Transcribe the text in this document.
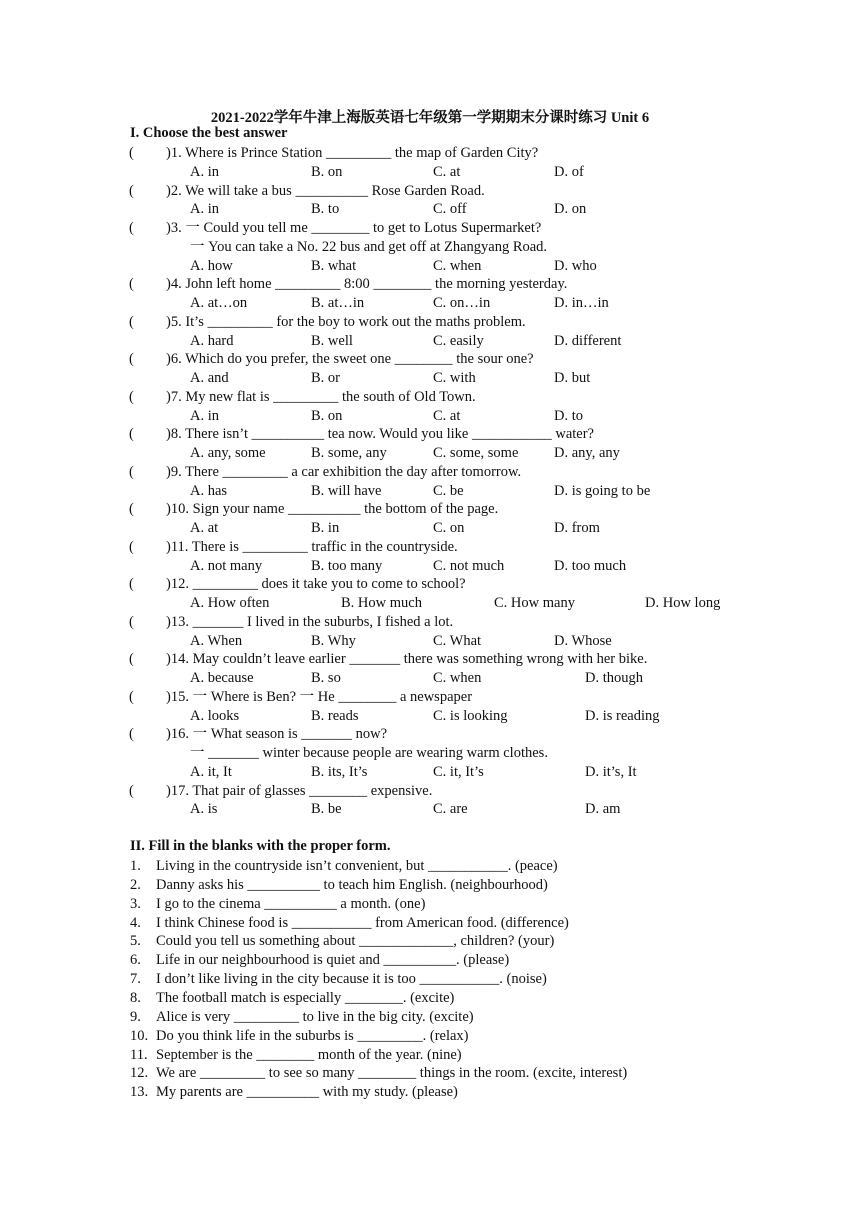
2021-2022学年牛津上海版英语七年级第一学期期末分课时练习 Unit 6
I. Choose the best answer
( )1. Where is Prince Station _________ the map of Garden City?
A. in	B. on	C. at	D. of
( )2. We will take a bus __________ Rose Garden Road.
A. in	B. to	C. off	D. on
( )3. 一 Could you tell me ________ to get to Lotus Supermarket?
一 You can take a No. 22 bus and get off at Zhangyang Road.
A. how	B. what	C. when	D. who
( )4. John left home _________ 8:00 ________ the morning yesterday.
A. at…on	B. at…in	C. on…in	D. in…in
( )5. It’s _________ for the boy to work out the maths problem.
A. hard	B. well	C. easily	D. different
( )6. Which do you prefer, the sweet one ________ the sour one?
A. and	B. or	C. with	D. but
( )7. My new flat is _________ the south of Old Town.
A. in	B. on	C. at	D. to
( )8. There isn’t __________ tea now. Would you like ___________ water?
A. any, some	B. some, any	C. some, some D. any, any
( )9. There _________ a car exhibition the day after tomorrow.
A. has	B. will have	C. be	D. is going to be
( )10. Sign your name __________ the bottom of the page.
A. at	B. in	C. on	D. from
( )11. There is _________ traffic in the countryside.
A. not many	B. too many	C. not much	D. too much
( )12. _________ does it take you to come to school?
A. How often	B. How much	C. How many	D. How long
( )13. _______ I lived in the suburbs, I fished a lot.
A. When	B. Why	C. What	D. Whose
( )14. May couldn’t leave earlier _______ there was something wrong with her bike.
A. because	B. so	C. when	D. though
( )15. 一 Where is Ben? 一 He ________ a newspaper
A. looks	B. reads	C. is looking	D. is reading
( )16. 一 What season is _______ now?
一 _______ winter because people are wearing warm clothes.
A. it, It	B. its, It’s	C. it, It’s	D. it’s, It
( )17. That pair of glasses ________ expensive.
A. is	B. be	C. are	D. am
II. Fill in the blanks with the proper form.
1. Living in the countryside isn’t convenient, but ___________. (peace)
2. Danny asks his __________ to teach him English. (neighbourhood)
3. I go to the cinema __________ a month. (one)
4. I think Chinese food is ___________ from American food. (difference)
5. Could you tell us something about _____________, children? (your)
6. Life in our neighbourhood is quiet and __________. (please)
7. I don’t like living in the city because it is too ___________. (noise)
8. The football match is especially ________. (excite)
9. Alice is very _________ to live in the big city. (excite)
10. Do you think life in the suburbs is _________. (relax)
11. September is the ________ month of the year. (nine)
12. We are _________ to see so many ________ things in the room. (excite, interest)
13. My parents are __________ with my study. (please)
